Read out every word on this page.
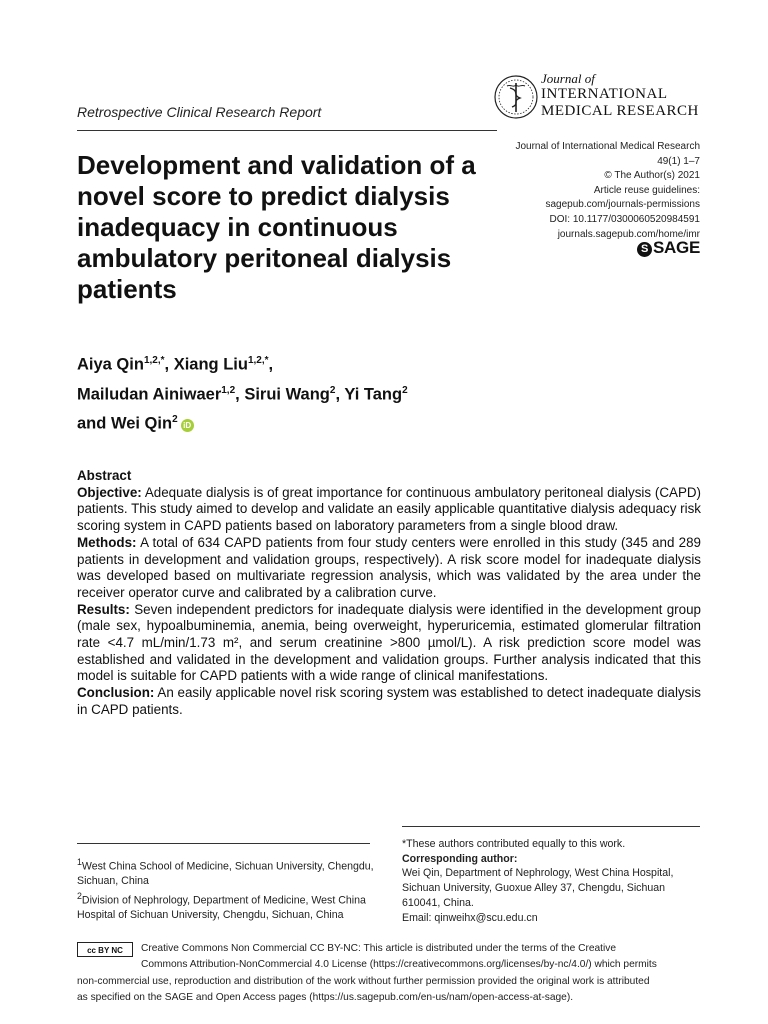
Retrospective Clinical Research Report
Journal of
INTERNATIONAL
MEDICAL RESEARCH
Journal of International Medical Research
49(1) 1–7
© The Author(s) 2021
Article reuse guidelines:
sagepub.com/journals-permissions
DOI: 10.1177/0300060520984591
journals.sagepub.com/home/imr
S SAGE
Development and validation of a novel score to predict dialysis inadequacy in continuous ambulatory peritoneal dialysis patients
Aiya Qin$^{1,2,*}$, Xiang Liu$^{1,2,*}$,
Mailudan Ainiwaer$^{1,2}$, Sirui Wang$^2$, Yi Tang$^2$
and Wei Qin$^2$ iD

Abstract

Objective: Adequate dialysis is of great importance for continuous ambulatory peritoneal dialysis (CAPD) patients. This study aimed to develop and validate an easily applicable quantitative dialysis adequacy risk scoring system in CAPD patients based on laboratory parameters from a single blood draw.

Methods: A total of 634 CAPD patients from four study centers were enrolled in this study (345 and 289 patients in development and validation groups, respectively). A risk score model for inadequate dialysis was developed based on multivariate regression analysis, which was validated by the area under the receiver operator curve and calibrated by a calibration curve.

Results: Seven independent predictors for inadequate dialysis were identified in the development group (male sex, hypoalbuminemia, anemia, being overweight, hyperuricemia, estimated glomerular filtration rate <4.7 mL/min/1.73 m², and serum creatinine >800 µmol/L). A risk prediction score model was established and validated in the development and validation groups. Further analysis indicated that this model is suitable for CAPD patients with a wide range of clinical manifestations.

Conclusion: An easily applicable novel risk scoring system was established to detect inadequate dialysis in CAPD patients.

$^1$West China School of Medicine, Sichuan University, Chengdu, Sichuan, China

$^2$Division of Nephrology, Department of Medicine, West China Hospital of Sichuan University, Chengdu, Sichuan, China

*These authors contributed equally to this work.

Corresponding author:

Wei Qin, Department of Nephrology, West China Hospital, Sichuan University, Guoxue Alley 37, Chengdu, Sichuan 610041, China.

Email: qinweihx@scu.edu.cn

cc BY NC	Creative Commons Non Commercial CC BY-NC: This article is distributed under the terms of the Creative
Commons Attribution-NonCommercial 4.0 License (https://creativecommons.org/licenses/by-nc/4.0/) which permits
non-commercial use, reproduction and distribution of the work without further permission provided the original work is attributed
as specified on the SAGE and Open Access pages (https://us.sagepub.com/en-us/nam/open-access-at-sage).
